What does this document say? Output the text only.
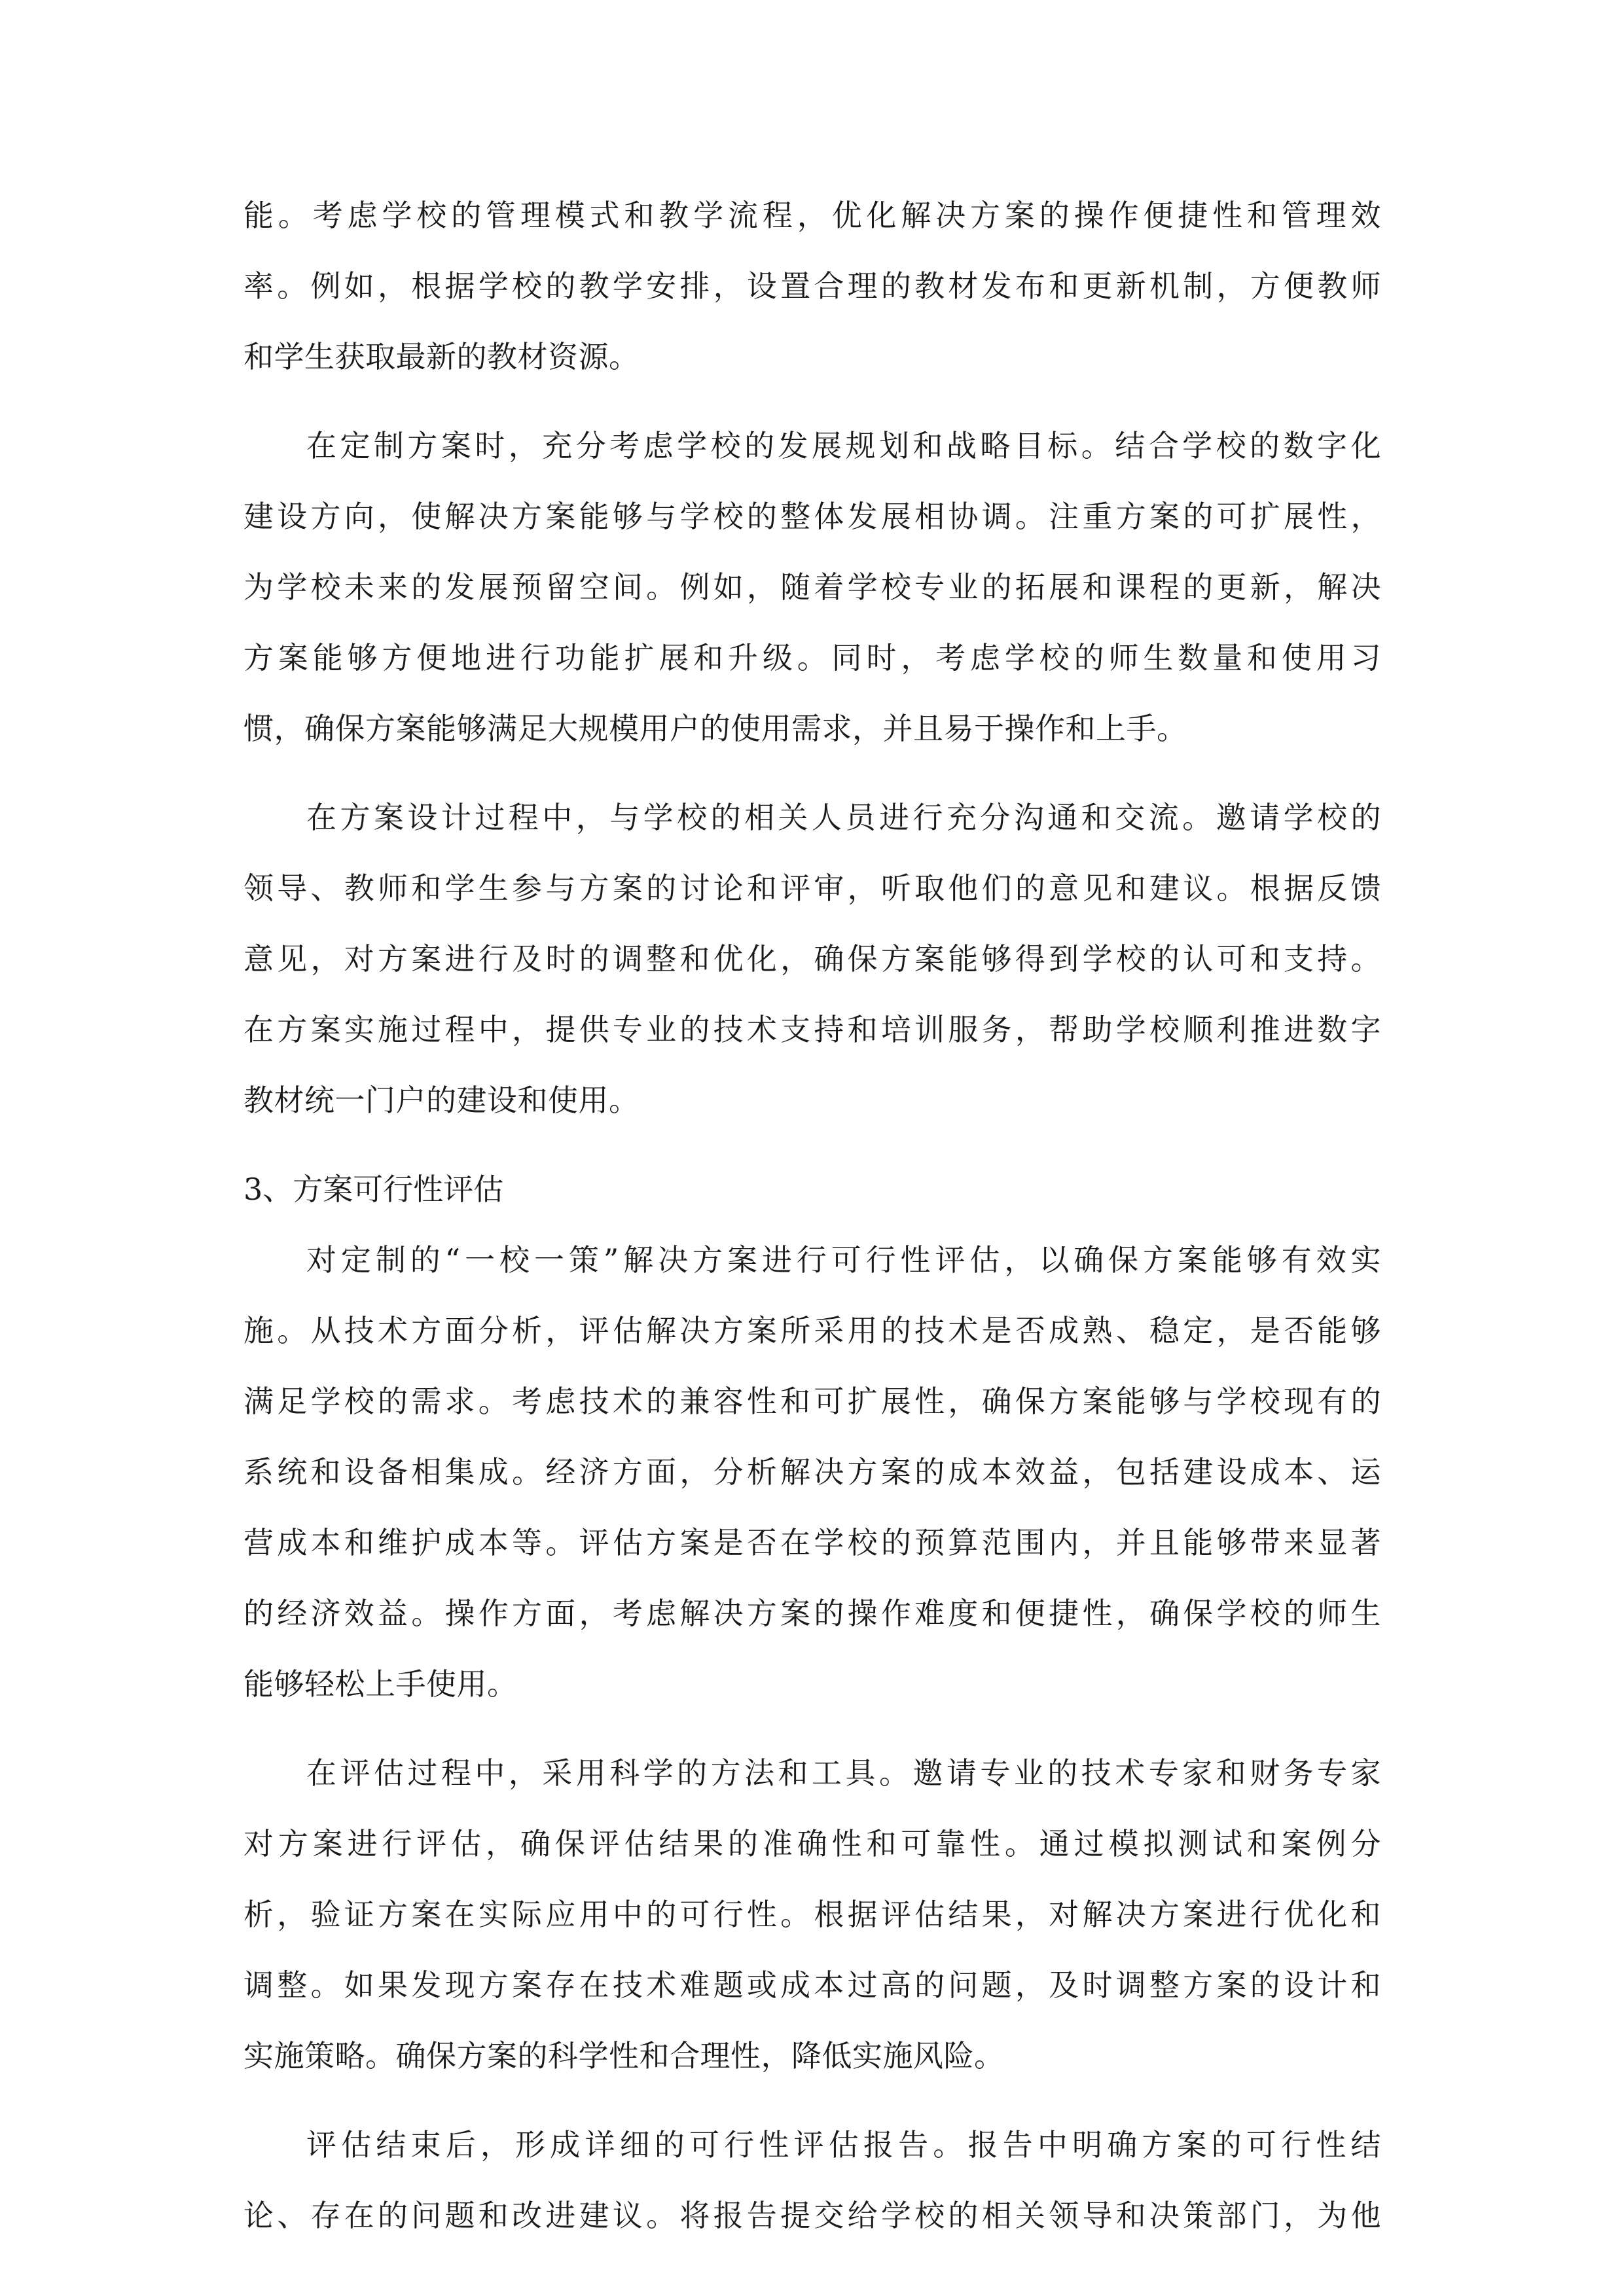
能。考虑学校的管理模式和教学流程，优化解决方案的操作便捷性和管理效
率。例如，根据学校的教学安排，设置合理的教材发布和更新机制，方便教师
和学生获取最新的教材资源。
在定制方案时，充分考虑学校的发展规划和战略目标。结合学校的数字化
建设方向，使解决方案能够与学校的整体发展相协调。注重方案的可扩展性，
为学校未来的发展预留空间。例如，随着学校专业的拓展和课程的更新，解决
方案能够方便地进行功能扩展和升级。同时，考虑学校的师生数量和使用习
惯，确保方案能够满足大规模用户的使用需求，并且易于操作和上手。
在方案设计过程中，与学校的相关人员进行充分沟通和交流。邀请学校的
领导、教师和学生参与方案的讨论和评审，听取他们的意见和建议。根据反馈
意见，对方案进行及时的调整和优化，确保方案能够得到学校的认可和支持。
在方案实施过程中，提供专业的技术支持和培训服务，帮助学校顺利推进数字
教材统一门户的建设和使用。
3、方案可行性评估
对定制的“一校一策”解决方案进行可行性评估，以确保方案能够有效实
施。从技术方面分析，评估解决方案所采用的技术是否成熟、稳定，是否能够
满足学校的需求。考虑技术的兼容性和可扩展性，确保方案能够与学校现有的
系统和设备相集成。经济方面，分析解决方案的成本效益，包括建设成本、运
营成本和维护成本等。评估方案是否在学校的预算范围内，并且能够带来显著
的经济效益。操作方面，考虑解决方案的操作难度和便捷性，确保学校的师生
能够轻松上手使用。
在评估过程中，采用科学的方法和工具。邀请专业的技术专家和财务专家
对方案进行评估，确保评估结果的准确性和可靠性。通过模拟测试和案例分
析，验证方案在实际应用中的可行性。根据评估结果，对解决方案进行优化和
调整。如果发现方案存在技术难题或成本过高的问题，及时调整方案的设计和
实施策略。确保方案的科学性和合理性，降低实施风险。
评估结束后，形成详细的可行性评估报告。报告中明确方案的可行性结
论、存在的问题和改进建议。将报告提交给学校的相关领导和决策部门，为他
